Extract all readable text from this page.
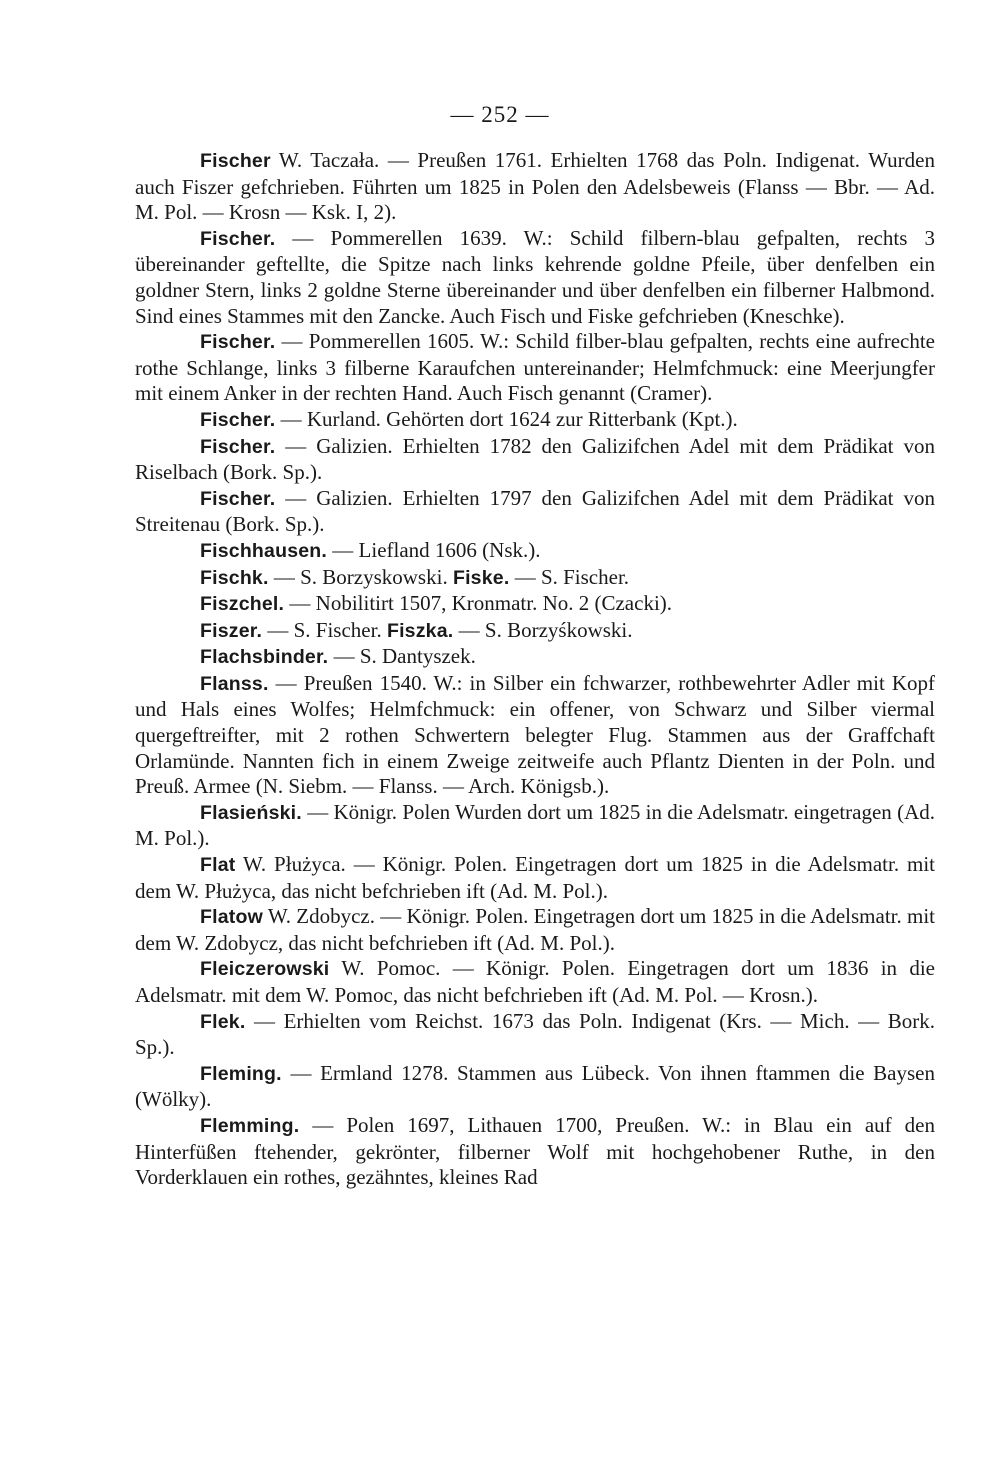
— 252 —

Fischer W. Taczała. — Preußen 1761. Erhielten 1768 das Poln. Indigenat. Wurden auch Fiszer gefchrieben. Führten um 1825 in Polen den Adelsbeweis (Flanss — Bbr. — Ad. M. Pol. — Krosn — Ksk. I, 2).

Fischer. — Pommerellen 1639. W.: Schild filbern-blau gefpalten, rechts 3 übereinander geftellte, die Spitze nach links kehrende goldne Pfeile, über denfelben ein goldner Stern, links 2 goldne Sterne übereinander und über denfelben ein filberner Halbmond. Sind eines Stammes mit den Zancke. Auch Fisch und Fiske gefchrieben (Kneschke).

Fischer. — Pommerellen 1605. W.: Schild filber-blau gefpalten, rechts eine aufrechte rothe Schlange, links 3 filberne Karaufchen untereinander; Helmfchmuck: eine Meerjungfer mit einem Anker in der rechten Hand. Auch Fisch genannt (Cramer).

Fischer. — Kurland. Gehörten dort 1624 zur Ritterbank (Kpt.).

Fischer. — Galizien. Erhielten 1782 den Galizifchen Adel mit dem Prädikat von Riselbach (Bork. Sp.).

Fischer. — Galizien. Erhielten 1797 den Galizifchen Adel mit dem Prädikat von Streitenau (Bork. Sp.).

Fischhausen. — Liefland 1606 (Nsk.).

Fischk. — S. Borzyskowski. Fiske. — S. Fischer.

Fiszchel. — Nobilitirt 1507, Kronmatr. No. 2 (Czacki).

Fiszer. — S. Fischer. Fiszka. — S. Borzyśkowski.

Flachsbinder. — S. Dantyszek.

Flanss. — Preußen 1540. W.: in Silber ein fchwarzer, rothbewehrter Adler mit Kopf und Hals eines Wolfes; Helmfchmuck: ein offener, von Schwarz und Silber viermal quergeftreifter, mit 2 rothen Schwertern belegter Flug. Stammen aus der Graffchaft Orlamünde. Nannten fich in einem Zweige zeitweife auch Pflantz Dienten in der Poln. und Preuß. Armee (N. Siebm. — Flanss. — Arch. Königsb.).

Flasieński. — Königr. Polen Wurden dort um 1825 in die Adelsmatr. eingetragen (Ad. M. Pol.).

Flat W. Płużyca. — Königr. Polen. Eingetragen dort um 1825 in die Adelsmatr. mit dem W. Płużyca, das nicht befchrieben ift (Ad. M. Pol.).

Flatow W. Zdobycz. — Königr. Polen. Eingetragen dort um 1825 in die Adelsmatr. mit dem W. Zdobycz, das nicht befchrieben ift (Ad. M. Pol.).

Fleiczerowski W. Pomoc. — Königr. Polen. Eingetragen dort um 1836 in die Adelsmatr. mit dem W. Pomoc, das nicht befchrieben ift (Ad. M. Pol. — Krosn.).

Flek. — Erhielten vom Reichst. 1673 das Poln. Indigenat (Krs. — Mich. — Bork. Sp.).

Fleming. — Ermland 1278. Stammen aus Lübeck. Von ihnen ftammen die Baysen (Wölky).

Flemming. — Polen 1697, Lithauen 1700, Preußen. W.: in Blau ein auf den Hinterfüßen ftehender, gekrönter, filberner Wolf mit hochgehobener Ruthe, in den Vorderklauen ein rothes, gezähntes, kleines Rad
